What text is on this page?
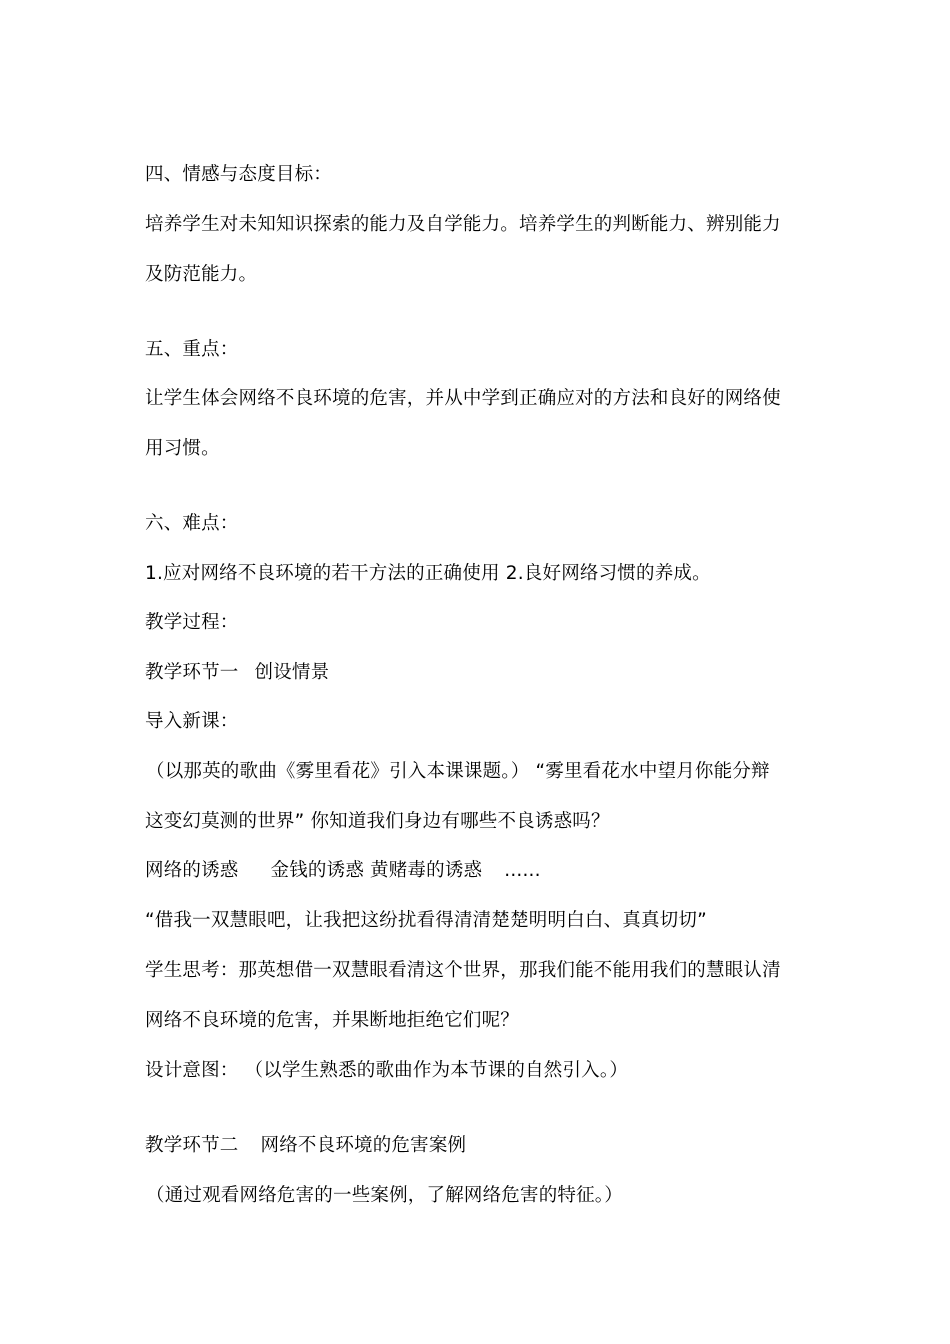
四、情感与态度目标：
培养学生对未知知识探索的能力及自学能力。培养学生的判断能力、辨别能力
及防范能力。
五、重点：
让学生体会网络不良环境的危害，并从中学到正确应对的方法和良好的网络使
用习惯。
六、难点：
1.应对网络不良环境的若干方法的正确使用 2.良好网络习惯的养成。
教学过程：
教学环节一 创设情景
导入新课：
（以那英的歌曲《雾里看花》引入本课课题。） “雾里看花水中望月你能分辩
这变幻莫测的世界” 你知道我们身边有哪些不良诱惑吗？
网络的诱惑 金钱的诱惑 黄赌毒的诱惑 ......
“借我一双慧眼吧，让我把这纷扰看得清清楚楚明明白白、真真切切”
学生思考：那英想借一双慧眼看清这个世界，那我们能不能用我们的慧眼认清
网络不良环境的危害，并果断地拒绝它们呢？
设计意图： （以学生熟悉的歌曲作为本节课的自然引入。）
教学环节二 网络不良环境的危害案例
（通过观看网络危害的一些案例，了解网络危害的特征。）
